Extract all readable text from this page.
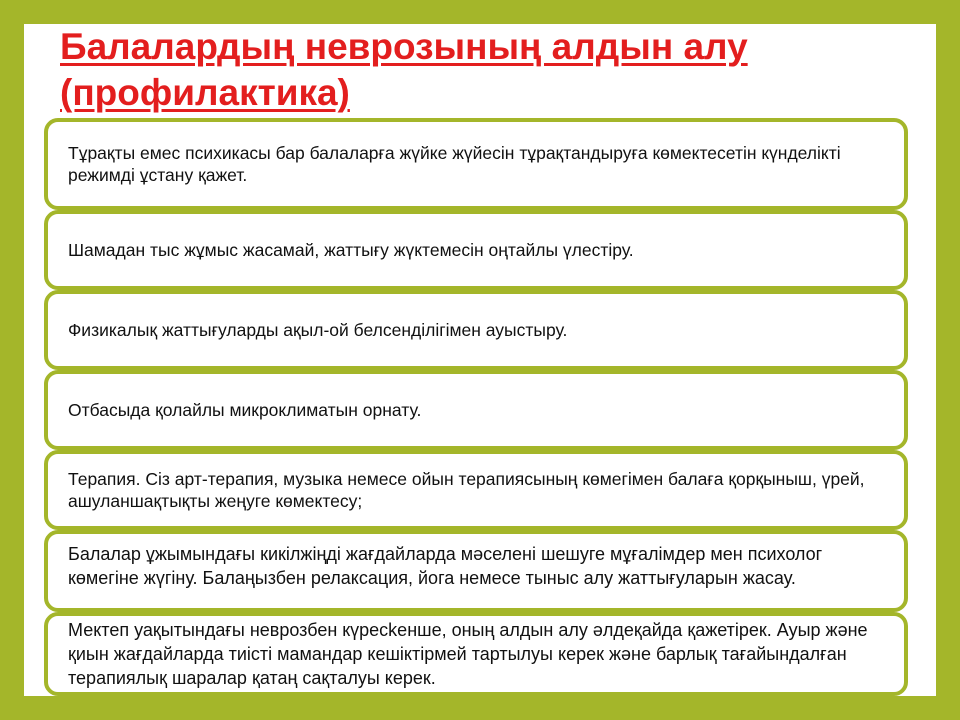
Балалардың неврозының алдын алу (профилактика)

Тұрақты емес психикасы бар балаларға жүйке жүйесін тұрақтандыруға көмектесетін күнделікті режимді ұстану қажет.

Шамадан тыс жұмыс жасамай, жаттығу жүктемесін оңтайлы үлестіру.

Физикалық жаттығуларды ақыл-ой белсенділігімен ауыстыру.

Отбасыда қолайлы микроклиматын орнату.

Терапия. Сіз арт-терапия, музыка немесе ойын терапиясының көмегімен балаға қорқыныш, үрей, ашуланшақтықты жеңуге көмектесу;

Балалар ұжымындағы кикілжіңді жағдайларда мәселені шешуге мұғалімдер мен психолог көмегіне жүгіну. Балаңызбен релаксация, йога немесе тыныс алу жаттығуларын жасау.

Мектеп уақытындағы неврозбен күресkенше, оның алдын алу әлдеқайда қажетірек. Ауыр және қиын жағдайларда тиісті мамандар кешіктірмей тартылуы керек және барлық тағайындалған терапиялық шаралар қатаң сақталуы керек.
